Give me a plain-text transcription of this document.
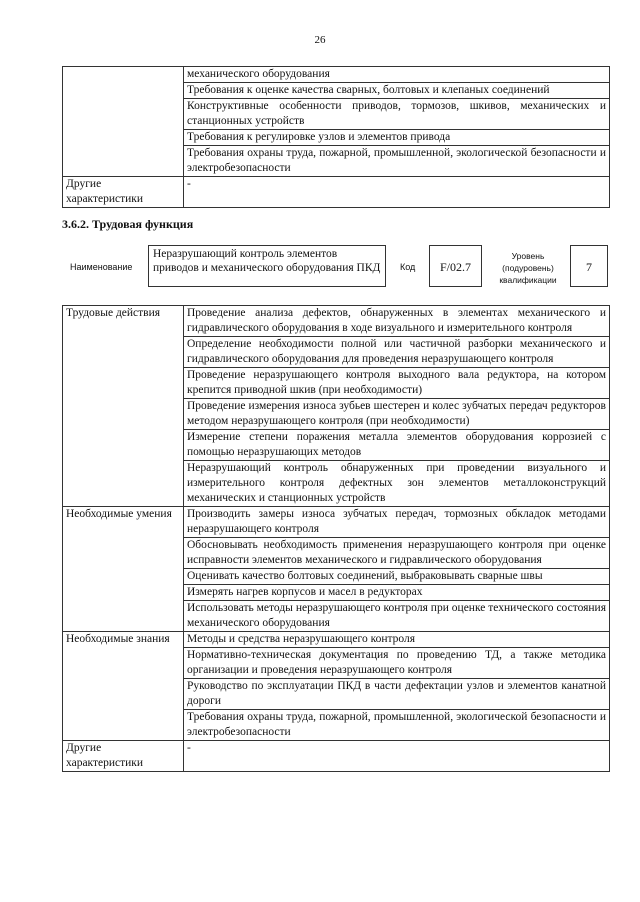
26
	механического оборудования
	Требования к оценке качества сварных, болтовых и клепаных соединений
	Конструктивные особенности приводов, тормозов, шкивов, механических и станционных устройств
	Требования к регулировке узлов и элементов привода
	Требования охраны труда, пожарной, промышленной, экологической безопасности и электробезопасности
Другие характеристики	-
3.6.2. Трудовая функция
Наименование
Неразрушающий контроль элементов приводов и механического оборудования ПКД	Код	F/02.7
Уровень (подуровень) квалификации
7
Трудовые действия	Проведение анализа дефектов, обнаруженных в элементах механического и гидравлического оборудования в ходе визуального и измерительного контроля
	Определение необходимости полной или частичной разборки механического и гидравлического оборудования для проведения неразрушающего контроля
	Проведение неразрушающего контроля выходного вала редуктора, на котором крепится приводной шкив (при необходимости)
	Проведение измерения износа зубьев шестерен и колес зубчатых передач редукторов методом неразрушающего контроля (при необходимости)
	Измерение степени поражения металла элементов оборудования коррозией с помощью неразрушающих методов
	Неразрушающий контроль обнаруженных при проведении визуального и измерительного контроля дефектных зон элементов металлоконструкций механических и станционных устройств
Необходимые умения	Производить замеры износа зубчатых передач, тормозных обкладок методами неразрушающего контроля
	Обосновывать необходимость применения неразрушающего контроля при оценке исправности элементов механического и гидравлического оборудования
	Оценивать качество болтовых соединений, выбраковывать сварные швы
	Измерять нагрев корпусов и масел в редукторах
	Использовать методы неразрушающего контроля при оценке технического состояния механического оборудования
Необходимые знания	Методы и средства неразрушающего контроля
	Нормативно-техническая документация по проведению ТД, а также методика организации и проведения неразрушающего контроля
	Руководство по эксплуатации ПКД в части дефектации узлов и элементов канатной дороги
	Требования охраны труда, пожарной, промышленной, экологической безопасности и электробезопасности
Другие характеристики	-
